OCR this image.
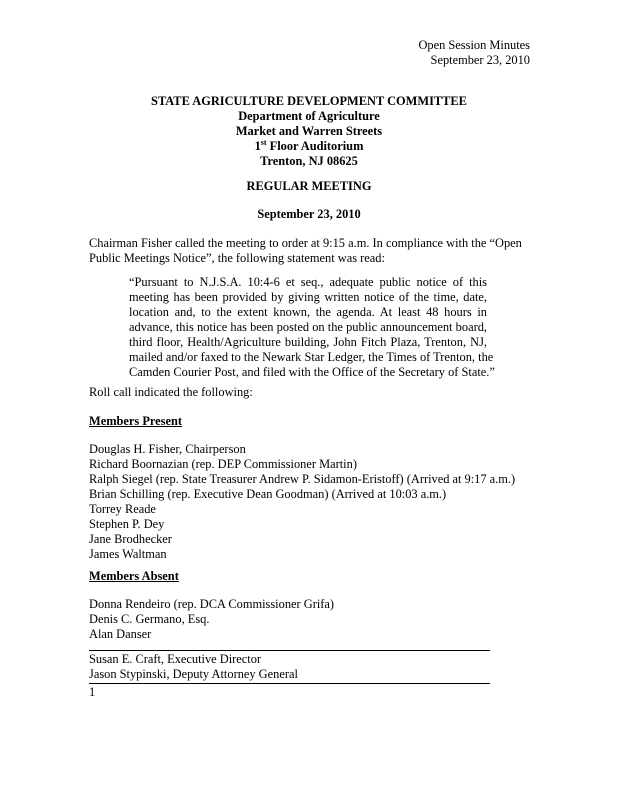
Open Session Minutes
September 23, 2010
STATE AGRICULTURE DEVELOPMENT COMMITTEE
Department of Agriculture
Market and Warren Streets
1st Floor Auditorium
Trenton, NJ 08625
REGULAR MEETING
September 23, 2010
Chairman Fisher called the meeting to order at 9:15 a.m. In compliance with the “Open
Public Meetings Notice”, the following statement was read:
“Pursuant to N.J.S.A. 10:4-6 et seq., adequate public notice of this
meeting has been provided by giving written notice of the time, date,
location and, to the extent known, the agenda. At least 48 hours in
advance, this notice has been posted on the public announcement board,
third floor, Health/Agriculture building, John Fitch Plaza, Trenton, NJ,
mailed and/or faxed to the Newark Star Ledger, the Times of Trenton, the
Camden Courier Post, and filed with the Office of the Secretary of State.”
Roll call indicated the following:
Members Present
Douglas H. Fisher, Chairperson
Richard Boornazian (rep. DEP Commissioner Martin)
Ralph Siegel (rep. State Treasurer Andrew P. Sidamon-Eristoff) (Arrived at 9:17 a.m.)
Brian Schilling (rep. Executive Dean Goodman) (Arrived at 10:03 a.m.)
Torrey Reade
Stephen P. Dey
Jane Brodhecker
James Waltman
Members Absent
Donna Rendeiro (rep. DCA Commissioner Grifa)
Denis C. Germano, Esq.
Alan Danser
Susan E. Craft, Executive Director
Jason Stypinski, Deputy Attorney General
1
